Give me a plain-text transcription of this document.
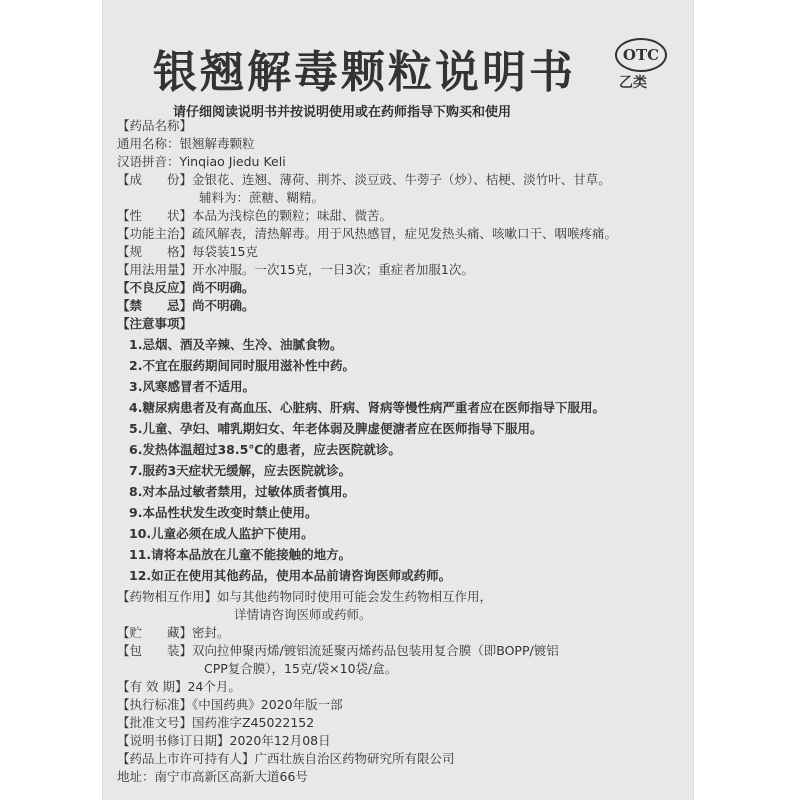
银翘解毒颗粒说明书	OTC
乙类
请仔细阅读说明书并按说明使用或在药师指导下购买和使用
【药品名称】
通用名称：银翘解毒颗粒
汉语拼音：Yinqiao Jiedu Keli
【成　　份】金银花、连翘、薄荷、荆芥、淡豆豉、牛蒡子（炒）、桔梗、淡竹叶、甘草。
辅料为：蔗糖、糊精。
【性　　状】本品为浅棕色的颗粒；味甜、微苦。
【功能主治】疏风解表，清热解毒。用于风热感冒，症见发热头痛、咳嗽口干、咽喉疼痛。
【规　　格】每袋装15克
【用法用量】开水冲服。一次15克，一日3次；重症者加服1次。
【不良反应】尚不明确。
【禁　　忌】尚不明确。
【注意事项】
1.忌烟、酒及辛辣、生冷、油腻食物。
2.不宜在服药期间同时服用滋补性中药。
3.风寒感冒者不适用。
4.糖尿病患者及有高血压、心脏病、肝病、肾病等慢性病严重者应在医师指导下服用。
5.儿童、孕妇、哺乳期妇女、年老体弱及脾虚便溏者应在医师指导下服用。
6.发热体温超过38.5℃的患者，应去医院就诊。
7.服药3天症状无缓解，应去医院就诊。
8.对本品过敏者禁用，过敏体质者慎用。
9.本品性状发生改变时禁止使用。
10.儿童必须在成人监护下使用。
11.请将本品放在儿童不能接触的地方。
12.如正在使用其他药品，使用本品前请咨询医师或药师。
【药物相互作用】如与其他药物同时使用可能会发生药物相互作用，
详情请咨询医师或药师。
【贮　　藏】密封。
【包　　装】双向拉伸聚丙烯/镀铝流延聚丙烯药品包装用复合膜（即BOPP/镀铝
CPP复合膜），15克/袋×10袋/盒。
【有 效 期】24个月。
【执行标准】《中国药典》2020年版一部
【批准文号】国药准字Z45022152
【说明书修订日期】2020年12月08日
【药品上市许可持有人】广西壮族自治区药物研究所有限公司
地址：南宁市高新区高新大道66号
